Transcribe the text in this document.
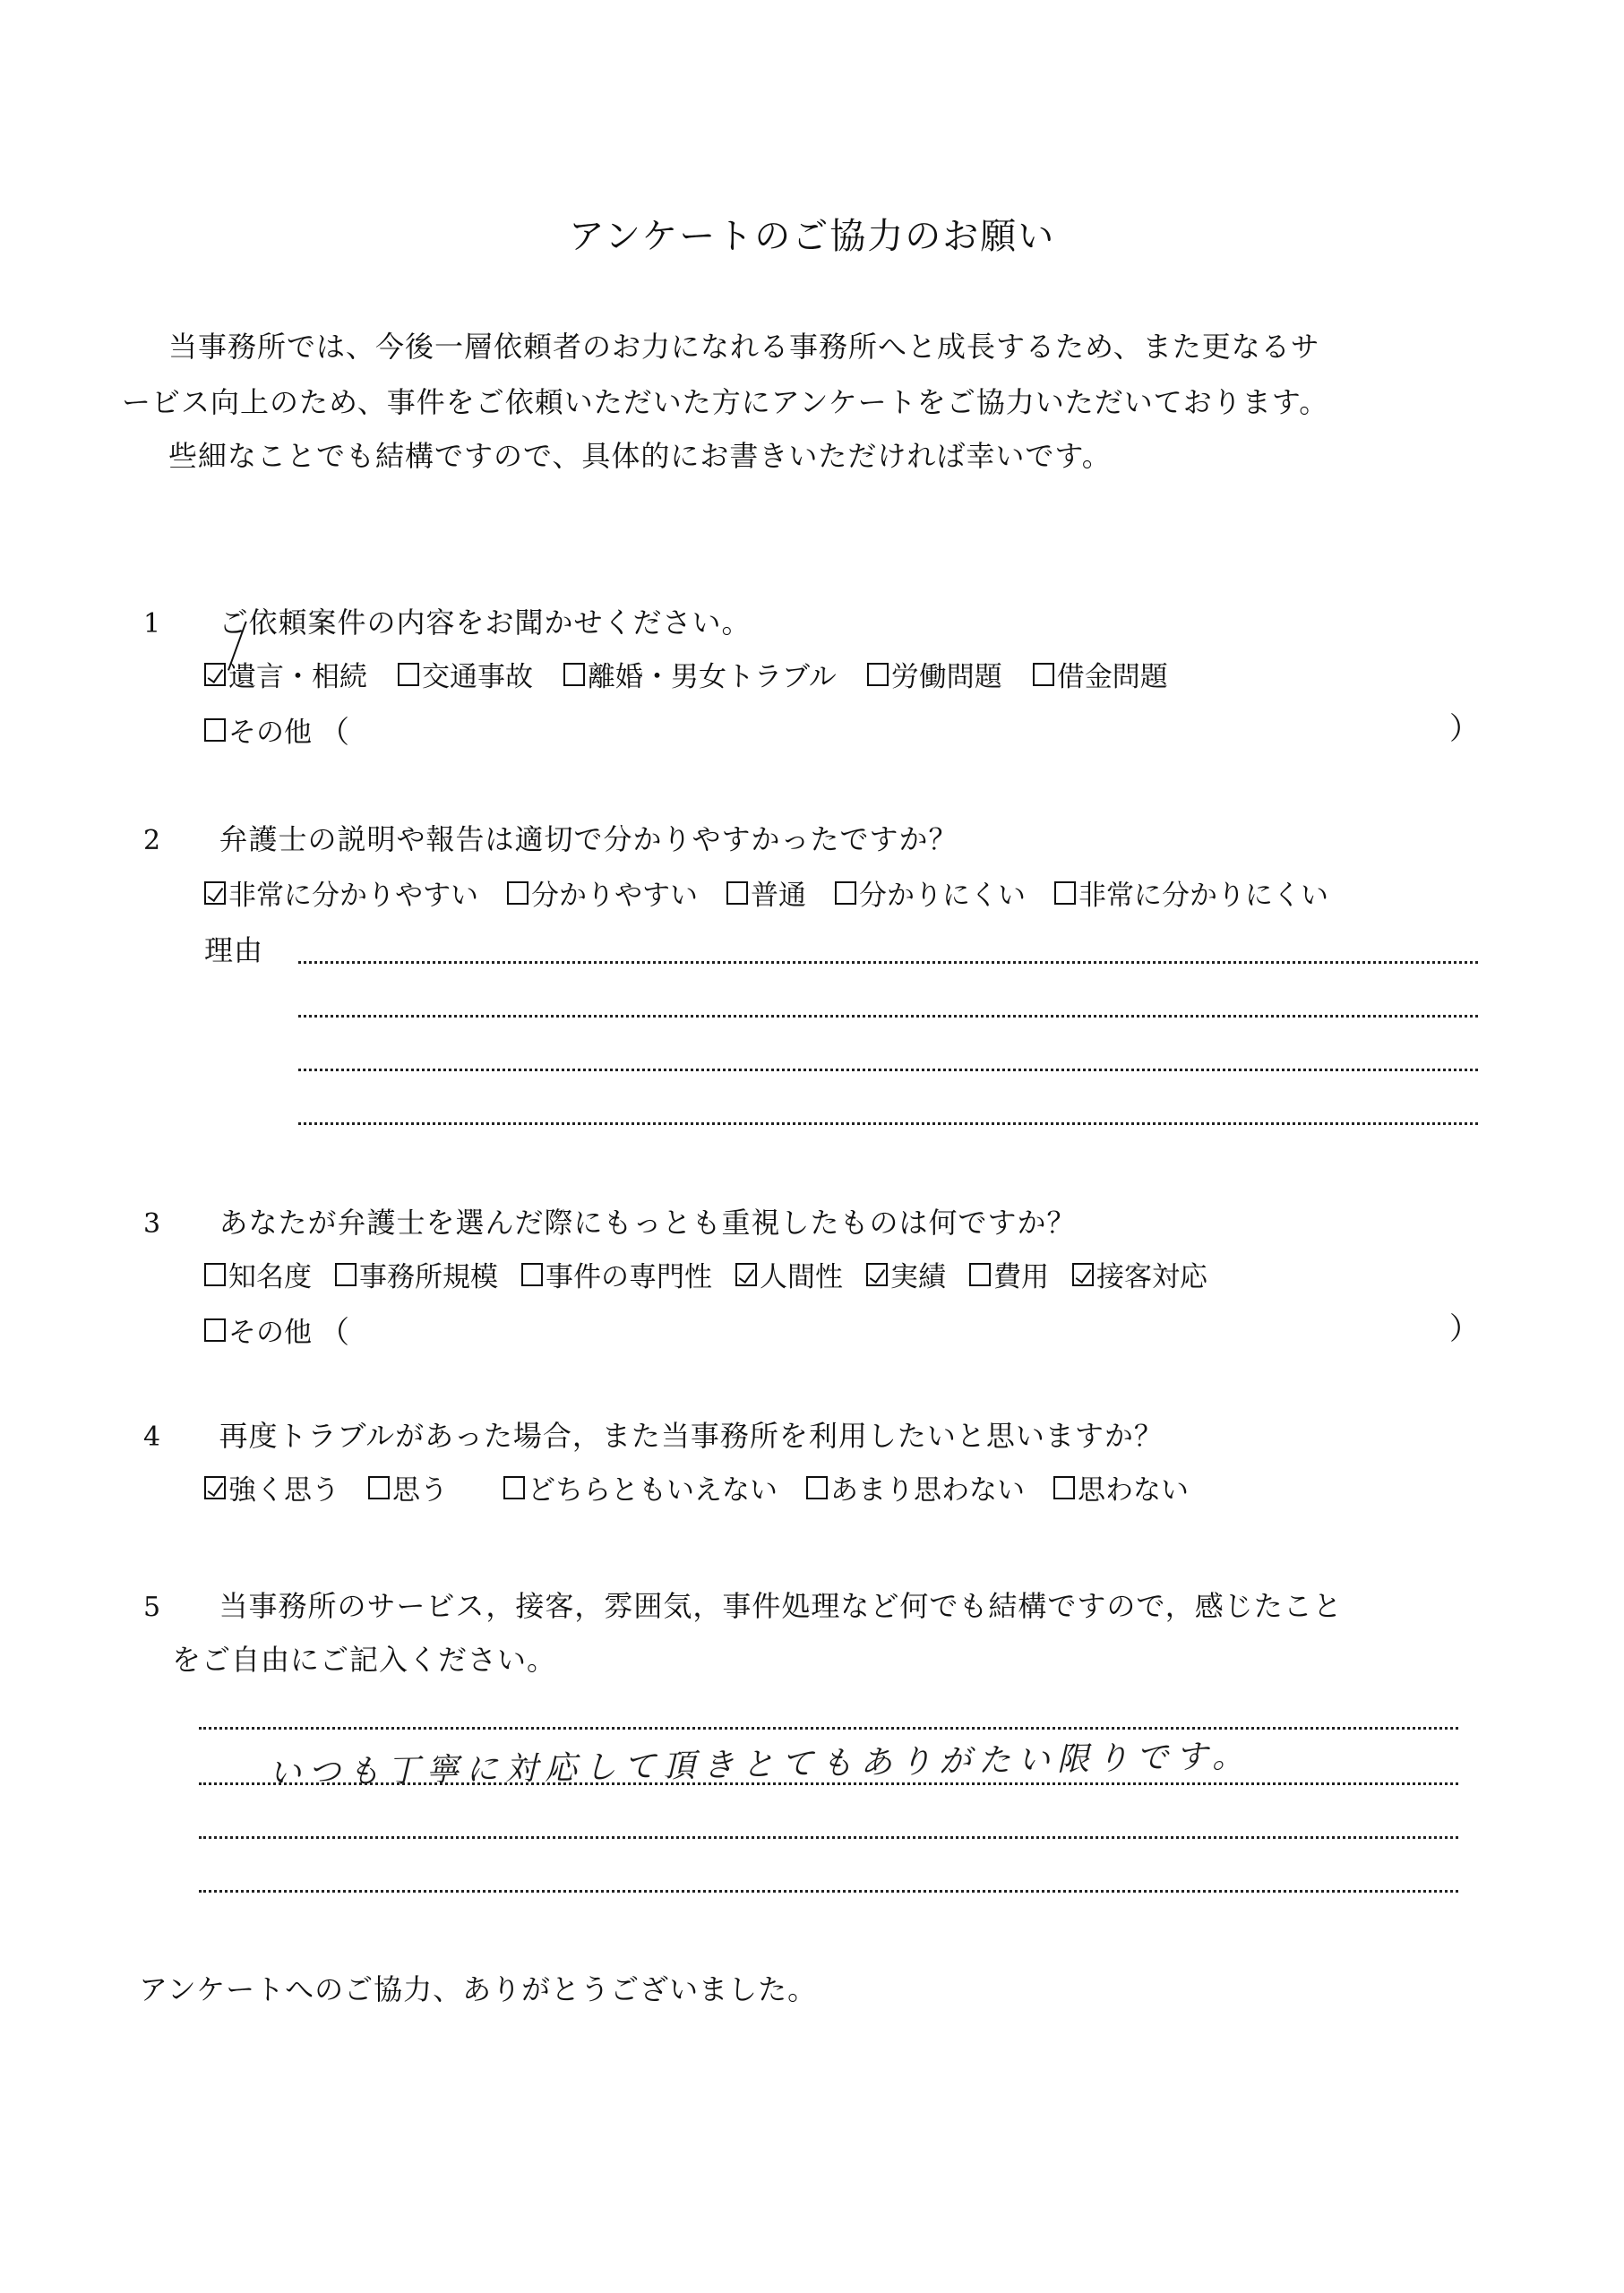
アンケートのご協力のお願い
当事務所では、今後一層依頼者のお力になれる事務所へと成長するため、また更なるサ
ービス向上のため、事件をご依頼いただいた方にアンケートをご協力いただいております。
些細なことでも結構ですので、具体的にお書きいただければ幸いです。
1 ご依頼案件の内容をお聞かせください。
遺言・相続 交通事故 離婚・男女トラブル 労働問題 借金問題
その他 （	）
2 弁護士の説明や報告は適切で分かりやすかったですか？
非常に分かりやすい 分かりやすい 普通 分かりにくい 非常に分かりにくい
理由
3 あなたが弁護士を選んだ際にもっとも重視したものは何ですか？
知名度 事務所規模 事件の専門性 人間性 実績 費用 接客対応
その他 （	）
4 再度トラブルがあった場合，また当事務所を利用したいと思いますか？
強く思う 思う	どちらともいえない あまり思わない 思わない
5 当事務所のサービス，接客，雰囲気，事件処理など何でも結構ですので，感じたこと
をご自由にご記入ください。
いつも丁寧に対応して頂きとてもありがたい限りです。
アンケートへのご協力、ありがとうございました。
